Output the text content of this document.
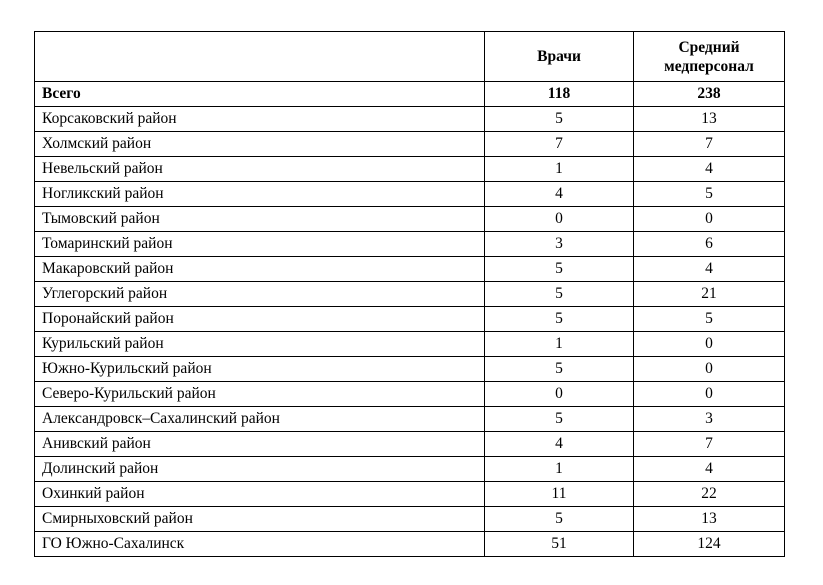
	Врачи	Средний
медперсонал
Всего	118	238
Корсаковский район	5	13
Холмский район	7	7
Невельский район	1	4
Ногликский район	4	5
Тымовский район	0	0
Томаринский район	3	6
Макаровский район	5	4
Углегорский район	5	21
Поронайский район	5	5
Курильский район	1	0
Южно-Курильский район	5	0
Северо-Курильский район	0	0
Александровск–Сахалинский район	5	3
Анивский район	4	7
Долинский район	1	4
Охинкий район	11	22
Смирныховский район	5	13
ГО Южно-Сахалинск	51	124
